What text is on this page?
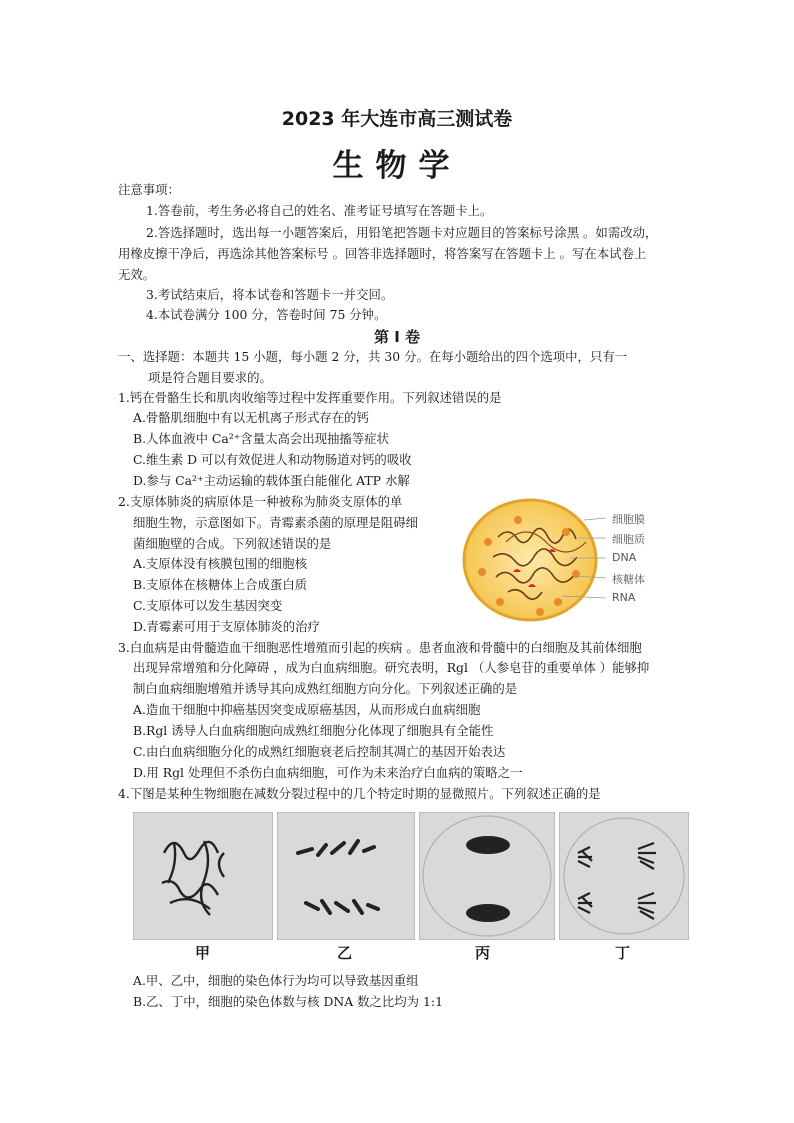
2023 年大连市高三测试卷
生物学
注意事项：
1.答卷前，考生务必将自己的姓名、准考证号填写在答题卡上。
2.答选择题时，选出每一小题答案后，用铅笔把答题卡对应题目的答案标号涂黑 。如需改动，
用橡皮擦干净后，再选涂其他答案标号 。回答非选择题时，将答案写在答题卡上 。写在本试卷上
无效。
3.考试结束后，将本试卷和答题卡一并交回。
4.本试卷满分 100 分，答卷时间 75 分钟。
第 I 卷
一、选择题：本题共 15 小题，每小题 2 分，共 30 分。在每小题给出的四个选项中，只有一
项是符合题目要求的。
1.钙在骨骼生长和肌肉收缩等过程中发挥重要作用。下列叙述错误的是
A.骨骼肌细胞中有以无机离子形式存在的钙
B.人体血液中 Ca²⁺含量太高会出现抽搐等症状
C.维生素 D 可以有效促进人和动物肠道对钙的吸收
D.参与 Ca²⁺主动运输的载体蛋白能催化 ATP 水解
2.支原体肺炎的病原体是一种被称为肺炎支原体的单
细胞生物，示意图如下。青霉素杀菌的原理是阻碍细
菌细胞壁的合成。下列叙述错误的是
A.支原体没有核膜包围的细胞核
B.支原体在核糖体上合成蛋白质
C.支原体可以发生基因突变
D.青霉素可用于支原体肺炎的治疗
细胞膜
细胞质
DNA
核糖体
RNA
3.白血病是由骨髓造血干细胞恶性增殖而引起的疾病 。患者血液和骨髓中的白细胞及其前体细胞
出现异常增殖和分化障碍 ，成为白血病细胞。研究表明，Rgl （人参皂苷的重要单体 ）能够抑
制白血病细胞增殖并诱导其向成熟红细胞方向分化。下列叙述正确的是
A.造血干细胞中抑癌基因突变成原癌基因，从而形成白血病细胞
B.Rgl 诱导人白血病细胞向成熟红细胞分化体现了细胞具有全能性
C.由白血病细胞分化的成熟红细胞衰老后控制其凋亡的基因开始表达
D.用 Rgl 处理但不杀伤白血病细胞，可作为未来治疗白血病的策略之一
4.下图是某种生物细胞在减数分裂过程中的几个特定时期的显微照片。下列叙述正确的是
甲	乙	丙	丁
A.甲、乙中，细胞的染色体行为均可以导致基因重组
B.乙、丁中，细胞的染色体数与核 DNA 数之比均为 1:1
